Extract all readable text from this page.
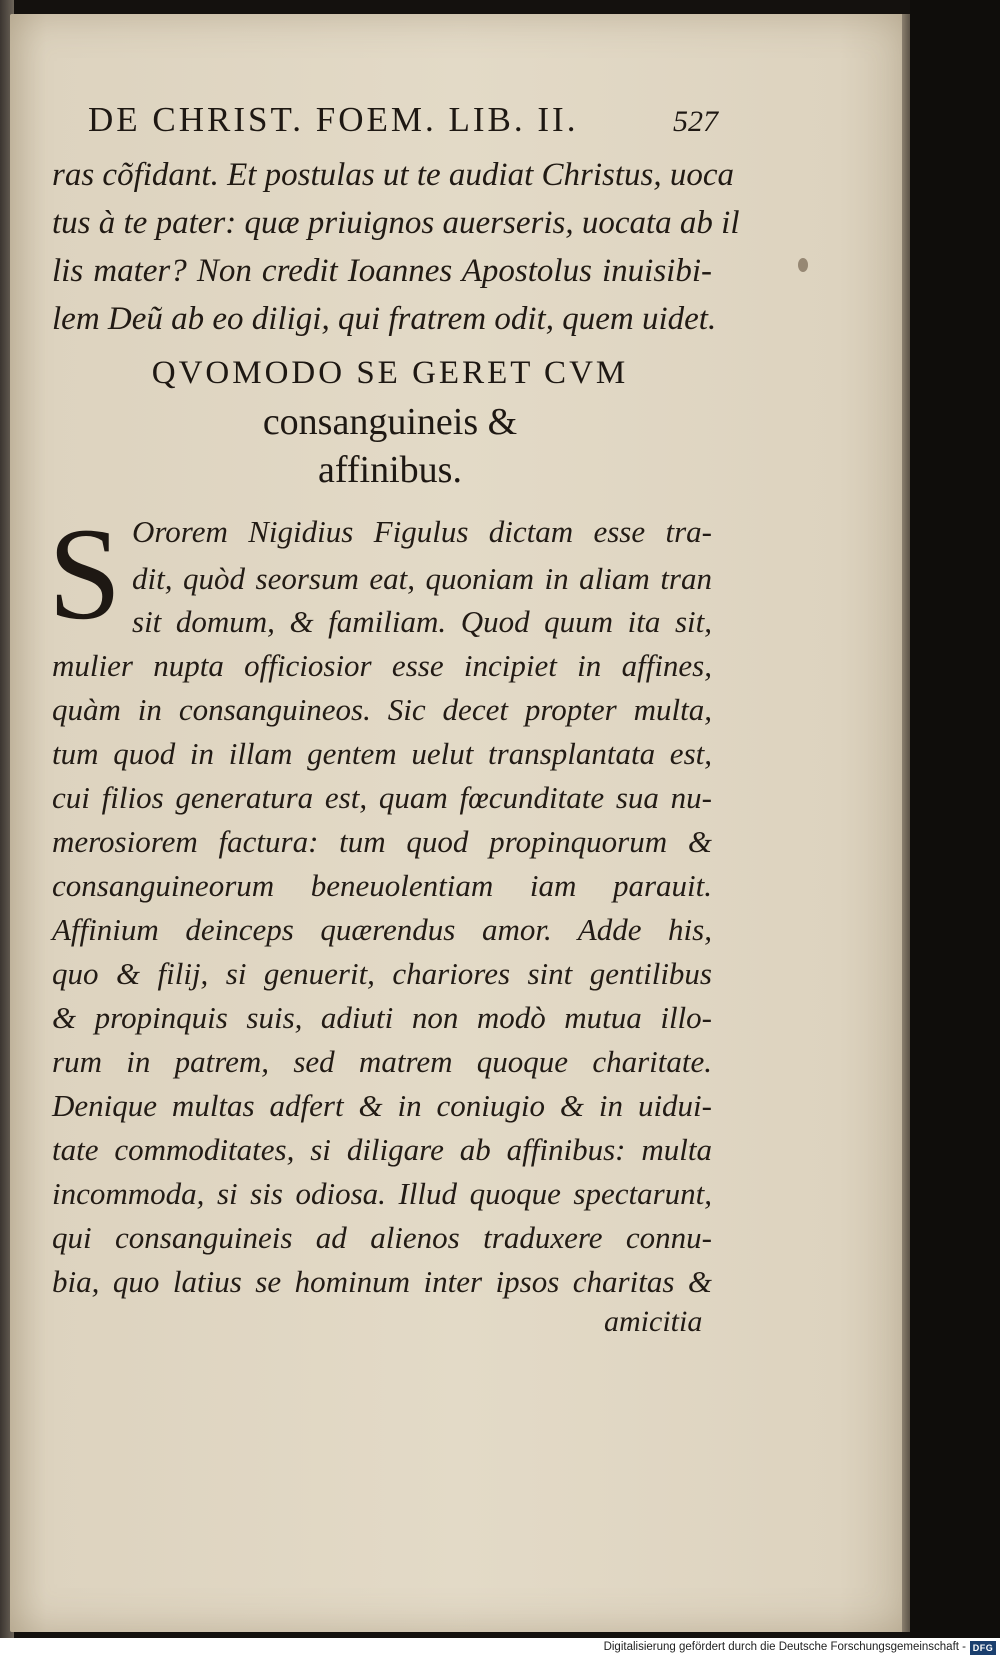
DE CHRIST. FOEM. LIB. II.	527
ras cõfidant. Et postulas ut te audiat Christus, uoca
tus à te pater: quæ priuignos auerseris, uocata ab il
lis mater? Non credit Ioannes Apostolus inuisibi-
lem Deũ ab eo diligi, qui fratrem odit, quem uidet.
QVOMODO SE GERET CVM
consanguineis &
affinibus.
S Ororem Nigidius Figulus dictam esse tra-
dit, quòd seorsum eat, quoniam in aliam tran
sit domum, & familiam. Quod quum ita sit,
mulier nupta officiosior esse incipiet in affines,
quàm in consanguineos. Sic decet propter multa,
tum quod in illam gentem uelut transplantata est,
cui filios generatura est, quam fœcunditate sua nu-
merosiorem factura: tum quod propinquorum &
consanguineorum beneuolentiam iam parauit.
Affinium deinceps quærendus amor. Adde his,
quo & filij, si genuerit, chariores sint gentilibus
& propinquis suis, adiuti non modò mutua illo-
rum in patrem, sed matrem quoque charitate.
Denique multas adfert & in coniugio & in uidui-
tate commoditates, si diligare ab affinibus: multa
incommoda, si sis odiosa. Illud quoque spectarunt,
qui consanguineis ad alienos traduxere connu-
bia, quo latius se hominum inter ipsos charitas &
amicitia
Digitalisierung gefördert durch die Deutsche Forschungsgemeinschaft - DFG
